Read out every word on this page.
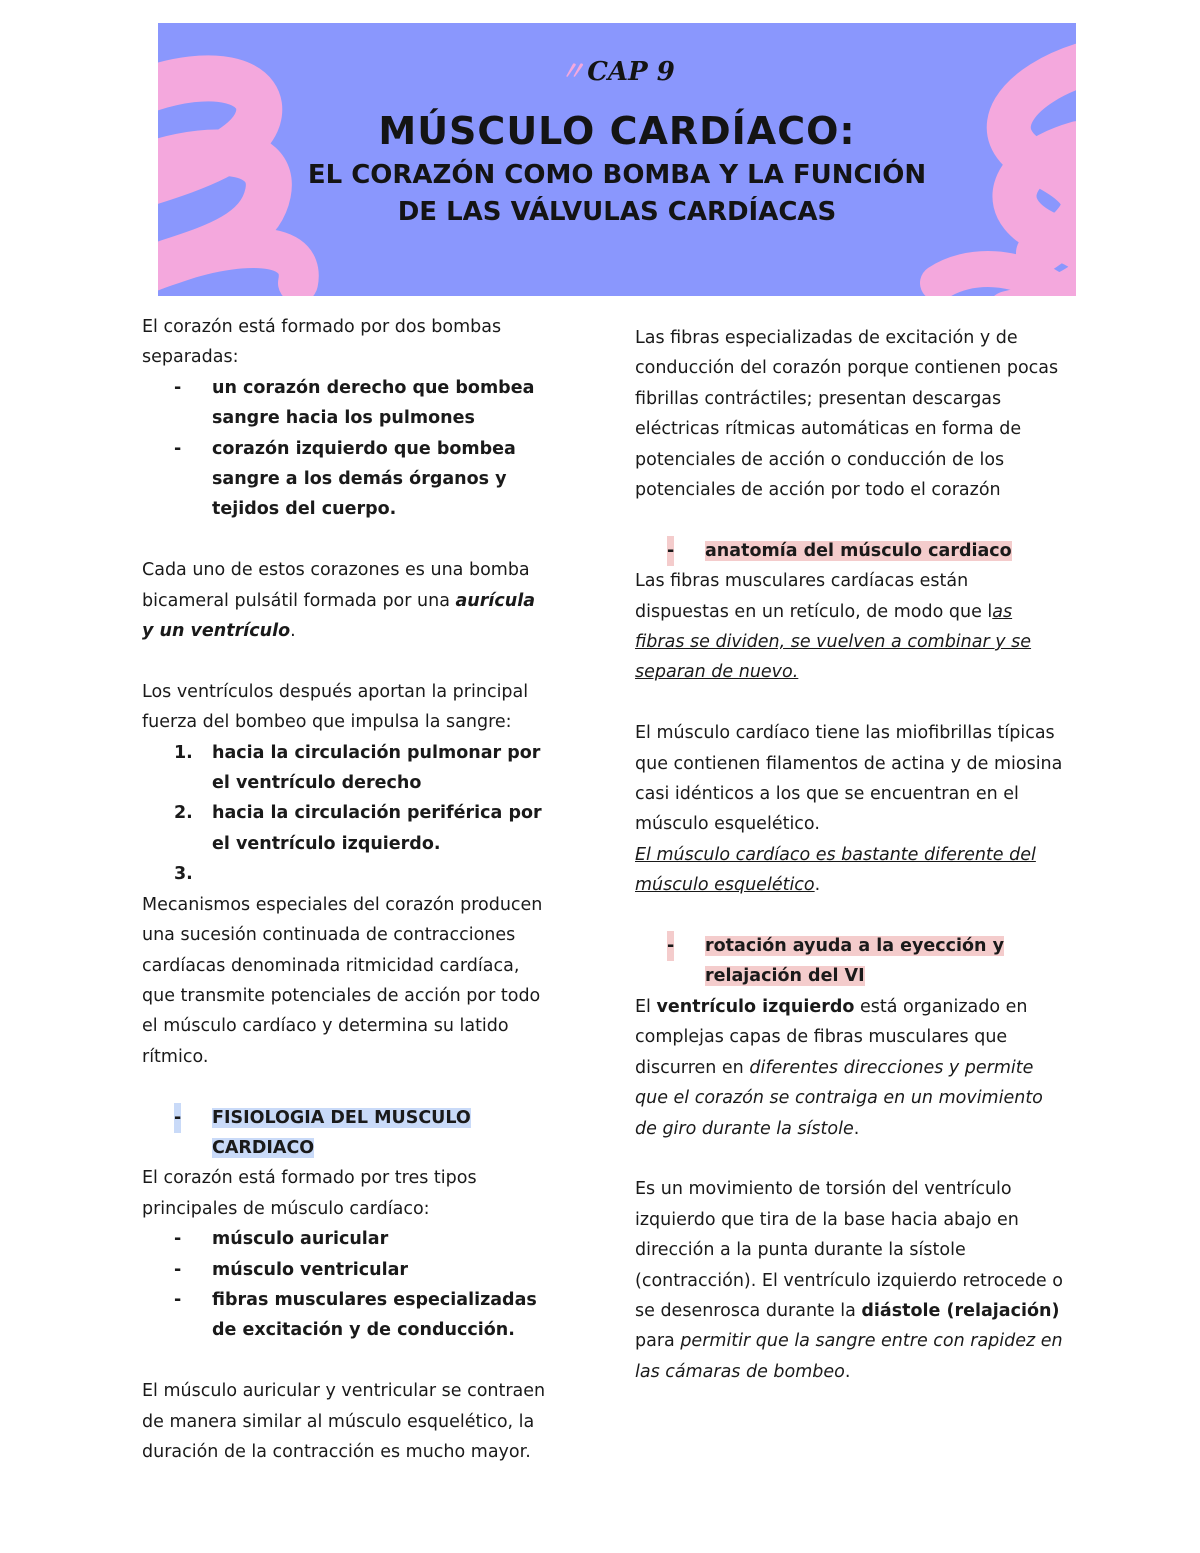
〃 CAP 9
MÚSCULO CARDÍACO:
EL CORAZÓN COMO BOMBA Y LA FUNCIÓN
DE LAS VÁLVULAS CARDÍACAS

El corazón está formado por dos bombas separadas:

- un corazón derecho que bombea sangre hacia los pulmones
- corazón izquierdo que bombea sangre a los demás órganos y tejidos del cuerpo.

Cada uno de estos corazones es una bomba bicameral pulsátil formada por una aurícula y un ventrículo.

Los ventrículos después aportan la principal fuerza del bombeo que impulsa la sangre:

1. hacia la circulación pulmonar por el ventrículo derecho
2. hacia la circulación periférica por el ventrículo izquierdo.
3.

Mecanismos especiales del corazón producen una sucesión continuada de contracciones cardíacas denominada ritmicidad cardíaca, que transmite potenciales de acción por todo el músculo cardíaco y determina su latido rítmico.

- FISIOLOGIA DEL MUSCULO CARDIACO

El corazón está formado por tres tipos principales de músculo cardíaco:

- músculo auricular
- músculo ventricular
- fibras musculares especializadas de excitación y de conducción.

El músculo auricular y ventricular se contraen de manera similar al músculo esquelético, la duración de la contracción es mucho mayor.

Las fibras especializadas de excitación y de conducción del corazón porque contienen pocas fibrillas contráctiles; presentan descargas eléctricas rítmicas automáticas en forma de potenciales de acción o conducción de los potenciales de acción por todo el corazón

- anatomía del músculo cardiaco

Las fibras musculares cardíacas están dispuestas en un retículo, de modo que las fibras se dividen, se vuelven a combinar y se separan de nuevo.

El músculo cardíaco tiene las miofibrillas típicas que contienen filamentos de actina y de miosina casi idénticos a los que se encuentran en el músculo esquelético.

El músculo cardíaco es bastante diferente del músculo esquelético.

- rotación ayuda a la eyección y
relajación del VI

El ventrículo izquierdo está organizado en complejas capas de fibras musculares que discurren en diferentes direcciones y permite que el corazón se contraiga en un movimiento de giro durante la sístole.

Es un movimiento de torsión del ventrículo izquierdo que tira de la base hacia abajo en dirección a la punta durante la sístole (contracción). El ventrículo izquierdo retrocede o se desenrosca durante la diástole (relajación) para permitir que la sangre entre con rapidez en las cámaras de bombeo.
